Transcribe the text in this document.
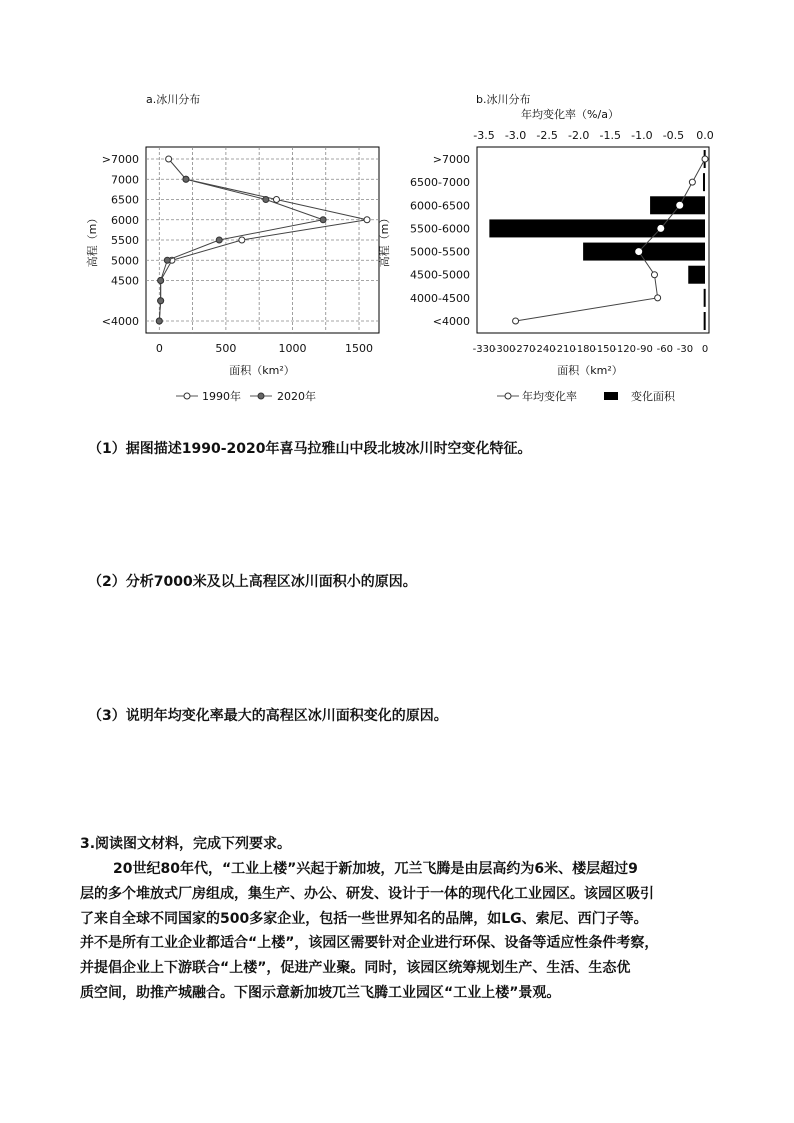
a.冰川分布
>7000
7000
6500
6000
5500
5000
4500
<4000
0	500	1000	1500
高程（m）
面积（km²）
1990年	2020年
b.冰川分布
年均变化率（%/a）
-3.5 -3.0 -2.5 -2.0 -1.5 -1.0 -0.5 0.0
>7000
6500-7000
6000-6500
5500-6000
5000-5500
4500-5000
4000-4500
<4000
-330
-300
-270
-240
-210
-180
-150
-120 -90 -60 -30 0
高程（m）
面积（km²）
年均变化率	变化面积
（1）据图描述1990-2020年喜马拉雅山中段北坡冰川时空变化特征。
（2）分析7000米及以上高程区冰川面积小的原因。
（3）说明年均变化率最大的高程区冰川面积变化的原因。
3.阅读图文材料，完成下列要求。

20世纪80年代，“工业上楼”兴起于新加坡，兀兰飞腾是由层高约为6米、楼层超过9

层的多个堆放式厂房组成，集生产、办公、研发、设计于一体的现代化工业园区。该园区吸引

了来自全球不同国家的500多家企业，包括一些世界知名的品牌，如LG、索尼、西门子等。

并不是所有工业企业都适合“上楼”，该园区需要针对企业进行环保、设备等适应性条件考察，

并提倡企业上下游联合“上楼”，促进产业聚。同时，该园区统筹规划生产、生活、生态优

质空间，助推产城融合。下图示意新加坡兀兰飞腾工业园区“工业上楼”景观。
